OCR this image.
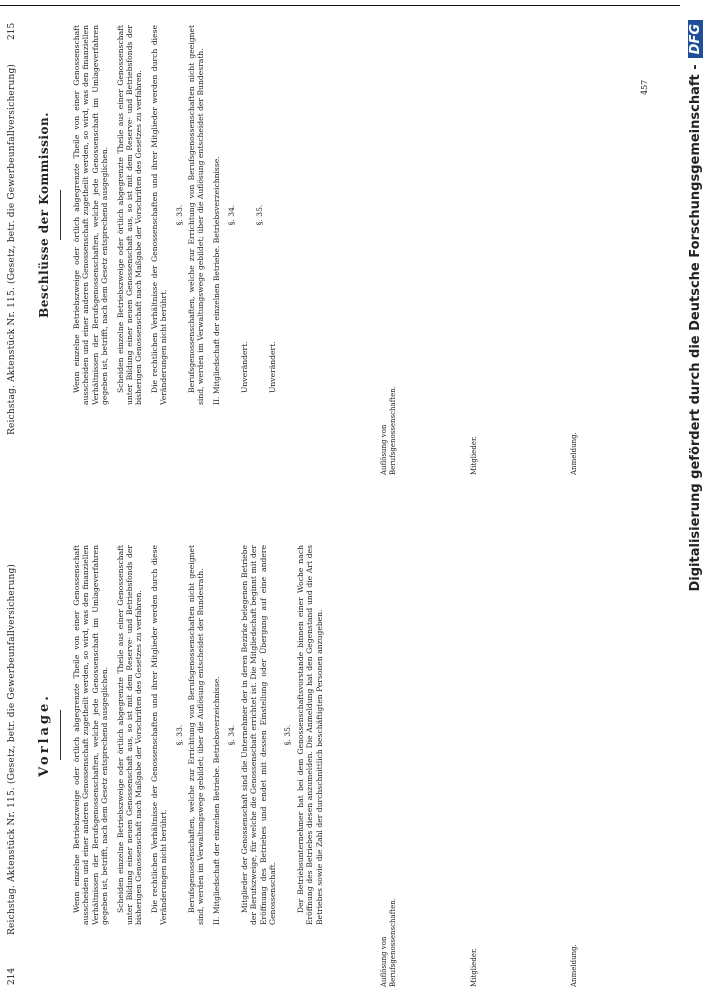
214
Reichstag. Aktenstück Nr. 115. (Gesetz, betr. die Gewerbeunfallversicherung)
Reichstag. Aktenstück Nr. 115. (Gesetz, betr. die Gewerbeunfallversicherung)
215
Vorlage.
Beschlüsse der Kommission.

Wenn einzelne Betriebszweige oder örtlich abgegrenzte Theile von einer Genossenschaft ausscheiden und einer anderen Genossenschaft zugetheilt werden, so wird, was den finanziellen Verhältnissen der Berufsgenossenschaften, welche jede Genossenschaft im Umlageverfahren gegeben ist, betrifft, nach dem Gesetz entsprechend ausgeglichen. Scheiden einzelne Betriebszweige oder örtlich abgegrenzte Theile aus einer Genossenschaft unter Bildung einer neuen Genossenschaft aus, so ist mit dem Reserve- und Betriebsfonds der bisherigen Genossenschaft nach Maßgabe der Vorschriften des Gesetzes zu verfahren. Die rechtlichen Verhältnisse der Genossenschaften und ihrer Mitglieder werden durch diese Veränderungen nicht berührt.

§. 33. Berufsgenossenschaften, welche zur Errichtung von Berufsgenossenschaften nicht geeignet sind, werden im Verwaltungswege gebildet; über die Auflösung entscheidet der Bundesrath. II. Mitgliedschaft der einzelnen Betriebe. Betriebsverzeichnisse. §. 34. Mitglieder der Genossenschaft sind die Unternehmer der in deren Bezirke belegenen Betriebe der Berufszweige, für welche die Genossenschaft errichtet ist. Die Mitgliedschaft beginnt mit der Eröffnung des Betriebes und endet mit dessen Einstellung oder Übergang auf eine andere Genossenschaft.

§. 35. Der Betriebsunternehmer hat bei dem Genossenschaftsvorstande binnen einer Woche nach Eröffnung des Betriebes diesen anzumelden. Die Anmeldung hat den Gegenstand und die Art des Betriebes sowie die Zahl der durchschnittlich beschäftigten Personen anzugeben.

Auflösung von Berufsgenossenschaften.	Mitglieder.	Anmeldung.

Wenn einzelne Betriebszweige oder örtlich abgegrenzte Theile von einer Genossenschaft ausscheiden und einer anderen Genossenschaft zugetheilt werden, so wird, was den finanziellen Verhältnissen der Berufsgenossenschaften, welche jede Genossenschaft im Umlageverfahren gegeben ist, betrifft, nach dem Gesetz entsprechend ausgeglichen. Scheiden einzelne Betriebszweige oder örtlich abgegrenzte Theile aus einer Genossenschaft unter Bildung einer neuen Genossenschaft aus, so ist mit dem Reserve- und Betriebsfonds der bisherigen Genossenschaft nach Maßgabe der Vorschriften des Gesetzes zu verfahren. Die rechtlichen Verhältnisse der Genossenschaften und ihrer Mitglieder werden durch diese Veränderungen nicht berührt.

§. 33. Berufsgenossenschaften, welche zur Errichtung von Berufsgenossenschaften nicht geeignet sind, werden im Verwaltungswege gebildet; über die Auflösung entscheidet der Bundesrath. II. Mitgliedschaft der einzelnen Betriebe. Betriebsverzeichnisse. §. 34.

Unverändert.

§. 35.

Unverändert.

Auflösung von Berufsgenossenschaften.	Mitglieder.	Anmeldung.
457	Digitalisierung gefördert durch die Deutsche Forschungsgemeinschaft -
DFG
